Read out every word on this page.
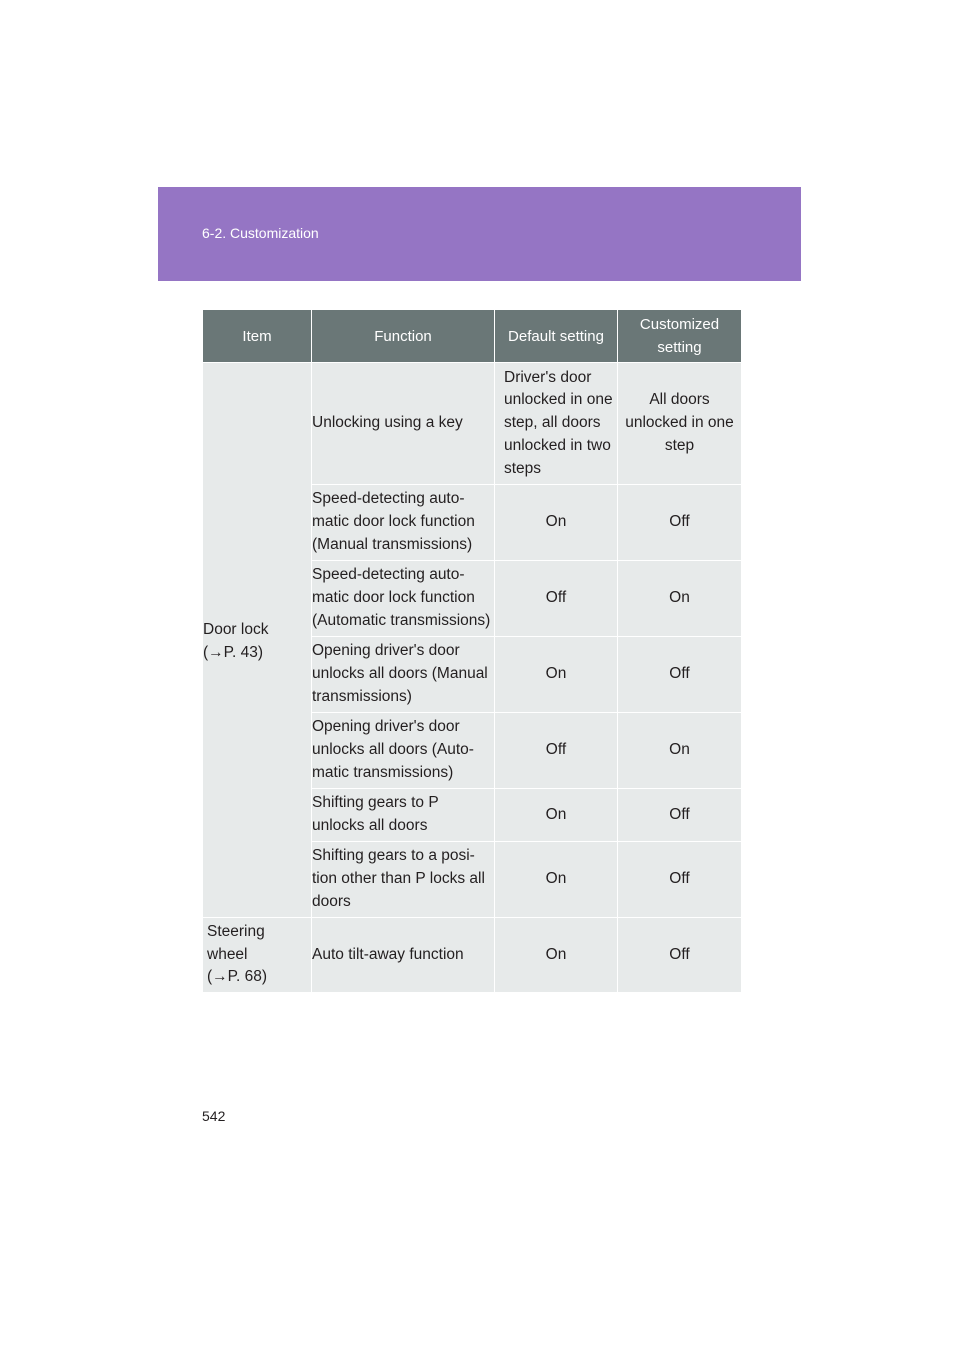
6-2. Customization
Item	Function	Default setting	Customized
setting

Door lock
(→P. 43)	Unlocking using a key	Driver's door
unlocked in one
step, all doors
unlocked in two
steps	All doors
unlocked in one
step

	Speed-detecting auto-
matic door lock function
(Manual transmissions)	On	Off

	Speed-detecting auto-
matic door lock function
(Automatic transmissions)	Off	On

	Opening driver's door
unlocks all doors (Manual
transmissions)	On	Off

	Opening driver's door
unlocks all doors (Auto-
matic transmissions)	Off	On

	Shifting gears to P
unlocks all doors	On	Off

	Shifting gears to a posi-
tion other than P locks all
doors	On	Off

Steering
wheel
(→P. 68)	Auto tilt-away function	On	Off
542
